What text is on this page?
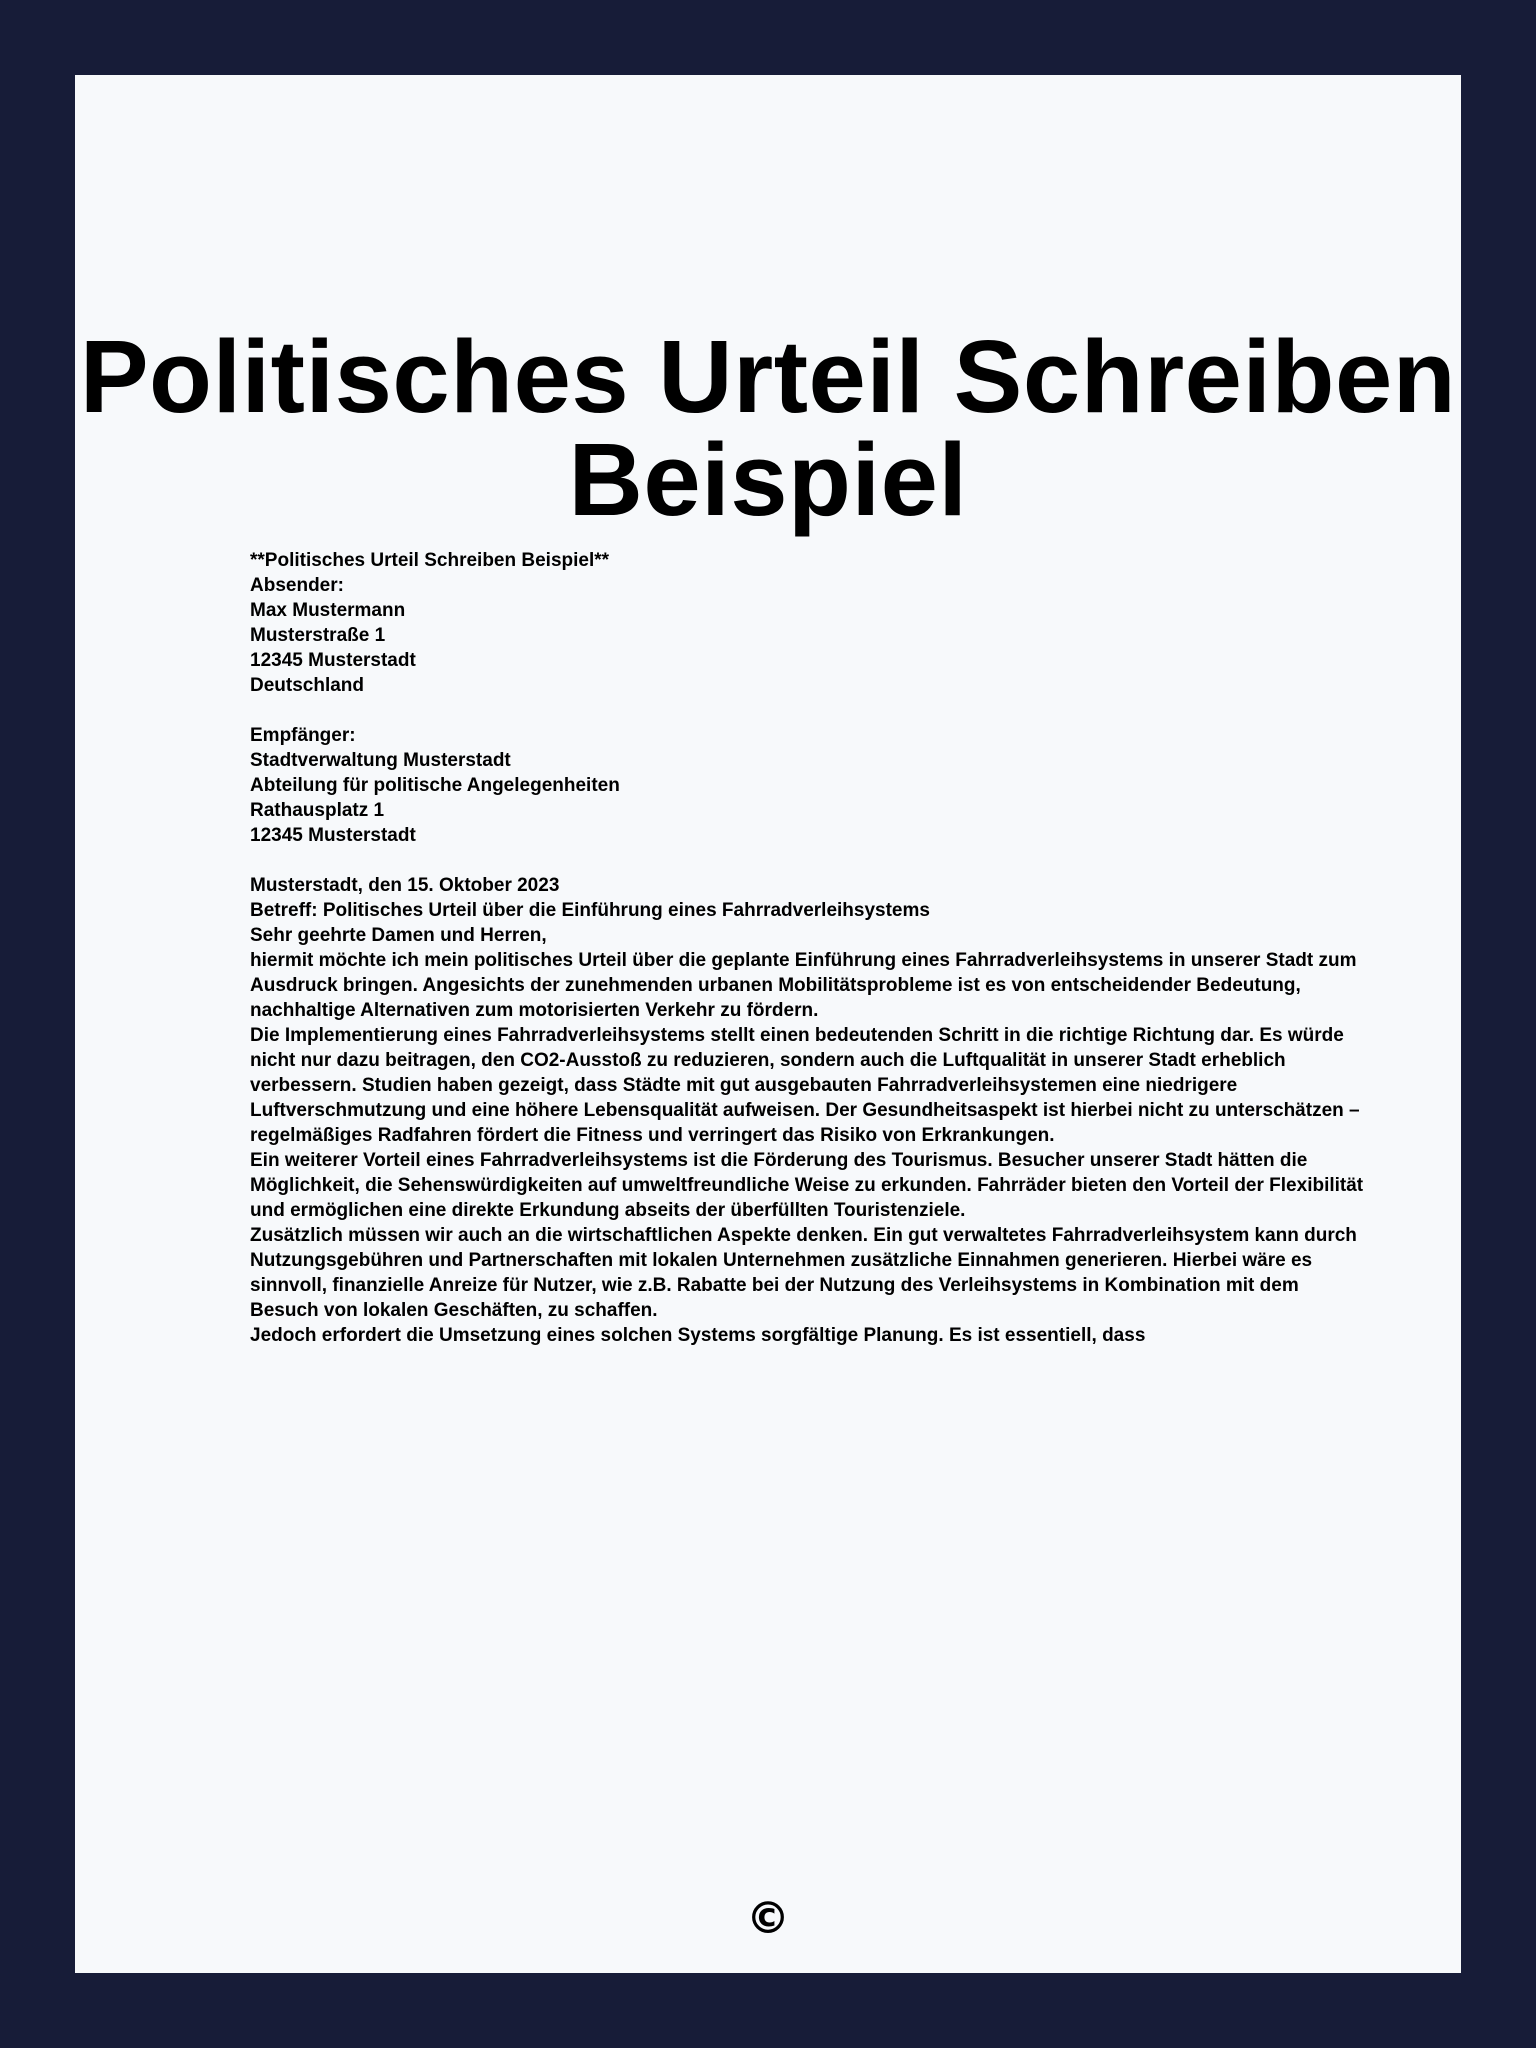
Politisches Urteil Schreiben Beispiel

**Politisches Urteil Schreiben Beispiel**

Absender:

Max Mustermann

Musterstraße 1

12345 Musterstadt

Deutschland

Empfänger:

Stadtverwaltung Musterstadt

Abteilung für politische Angelegenheiten

Rathausplatz 1

12345 Musterstadt

Musterstadt, den 15. Oktober 2023

Betreff: Politisches Urteil über die Einführung eines Fahrradverleihsystems

Sehr geehrte Damen und Herren,

hiermit möchte ich mein politisches Urteil über die geplante Einführung eines Fahrradverleihsystems in unserer Stadt zum Ausdruck bringen. Angesichts der zunehmenden urbanen Mobilitätsprobleme ist es von entscheidender Bedeutung, nachhaltige Alternativen zum motorisierten Verkehr zu fördern.

Die Implementierung eines Fahrradverleihsystems stellt einen bedeutenden Schritt in die richtige Richtung dar. Es würde nicht nur dazu beitragen, den CO2-Ausstoß zu reduzieren, sondern auch die Luftqualität in unserer Stadt erheblich verbessern. Studien haben gezeigt, dass Städte mit gut ausgebauten Fahrradverleihsystemen eine niedrigere Luftverschmutzung und eine höhere Lebensqualität aufweisen. Der Gesundheitsaspekt ist hierbei nicht zu unterschätzen – regelmäßiges Radfahren fördert die Fitness und verringert das Risiko von Erkrankungen.

Ein weiterer Vorteil eines Fahrradverleihsystems ist die Förderung des Tourismus. Besucher unserer Stadt hätten die Möglichkeit, die Sehenswürdigkeiten auf umweltfreundliche Weise zu erkunden. Fahrräder bieten den Vorteil der Flexibilität und ermöglichen eine direkte Erkundung abseits der überfüllten Touristenziele.

Zusätzlich müssen wir auch an die wirtschaftlichen Aspekte denken. Ein gut verwaltetes Fahrradverleihsystem kann durch Nutzungsgebühren und Partnerschaften mit lokalen Unternehmen zusätzliche Einnahmen generieren. Hierbei wäre es sinnvoll, finanzielle Anreize für Nutzer, wie z.B. Rabatte bei der Nutzung des Verleihsystems in Kombination mit dem Besuch von lokalen Geschäften, zu schaffen.

Jedoch erfordert die Umsetzung eines solchen Systems sorgfältige Planung. Es ist essentiell, dass

©
